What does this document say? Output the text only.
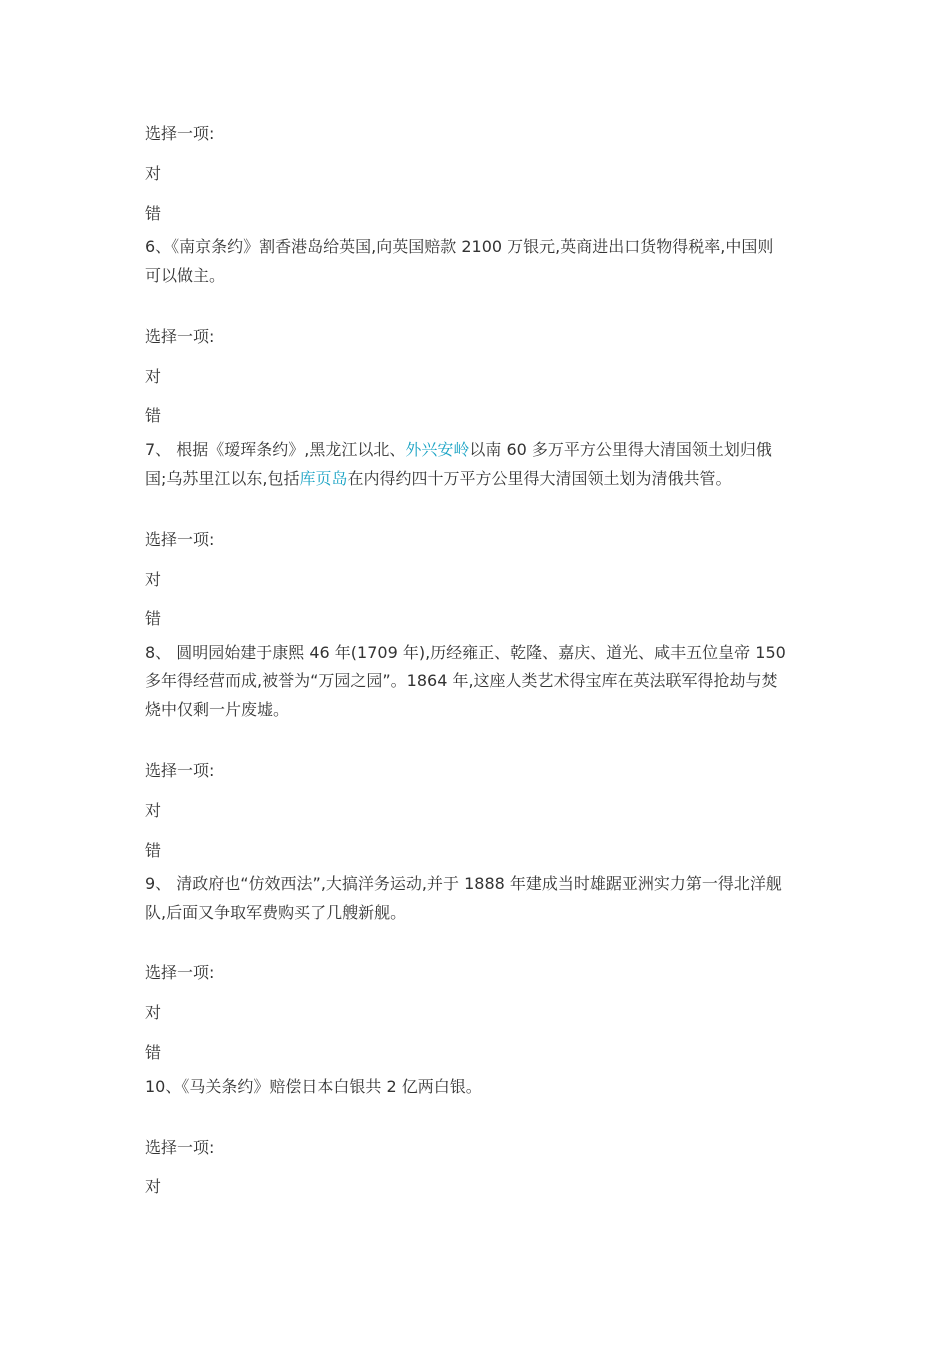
选择一项:
对
错
6、《南京条约》割香港岛给英国,向英国赔款 2100 万银元,英商进出口货物得税率,中国则
可以做主。
选择一项:
对
错
7、 根据《瑷珲条约》,黑龙江以北、外兴安岭以南 60 多万平方公里得大清国领土划归俄
国;乌苏里江以东,包括库页岛在内得约四十万平方公里得大清国领土划为清俄共管。
选择一项:
对
错
8、 圆明园始建于康熙 46 年(1709 年),历经雍正、乾隆、嘉庆、道光、咸丰五位皇帝 150
多年得经营而成,被誉为“万园之园”。1864 年,这座人类艺术得宝库在英法联军得抢劫与焚
烧中仅剩一片废墟。
选择一项:
对
错
9、 清政府也“仿效西法”,大搞洋务运动,并于 1888 年建成当时雄踞亚洲实力第一得北洋舰
队,后面又争取军费购买了几艘新舰。
选择一项:
对
错
10、《马关条约》赔偿日本白银共 2 亿两白银。
选择一项:
对
